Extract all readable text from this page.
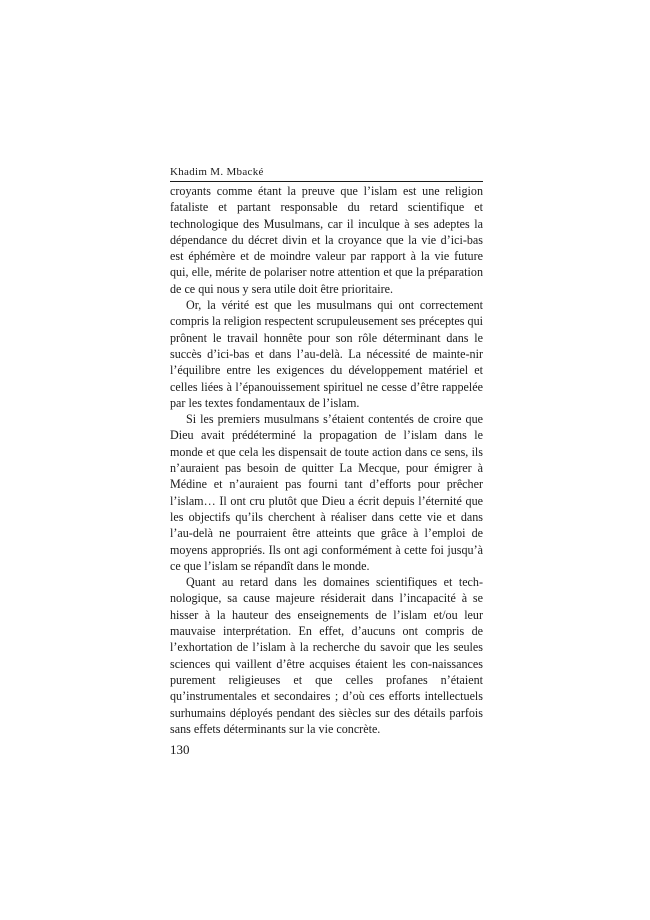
Khadim M. Mbacké

croyants comme étant la preuve que l’islam est une religion fataliste et partant responsable du retard scientifique et technologique des Musulmans, car il inculque à ses adeptes la dépendance du décret divin et la croyance que la vie d’ici-bas est éphémère et de moindre valeur par rapport à la vie future qui, elle, mérite de polariser notre attention et que la préparation de ce qui nous y sera utile doit être prioritaire.

Or, la vérité est que les musulmans qui ont correctement compris la religion respectent scrupuleusement ses préceptes qui prônent le travail honnête pour son rôle déterminant dans le succès d’ici-bas et dans l’au-delà. La nécessité de mainte-nir l’équilibre entre les exigences du développement matériel et celles liées à l’épanouissement spirituel ne cesse d’être rappelée par les textes fondamentaux de l’islam.

Si les premiers musulmans s’étaient contentés de croire que Dieu avait prédéterminé la propagation de l’islam dans le monde et que cela les dispensait de toute action dans ce sens, ils n’auraient pas besoin de quitter La Mecque, pour émigrer à Médine et n’auraient pas fourni tant d’efforts pour prêcher l’islam… Il ont cru plutôt que Dieu a écrit depuis l’éternité que les objectifs qu’ils cherchent à réaliser dans cette vie et dans l’au-delà ne pourraient être atteints que grâce à l’emploi de moyens appropriés. Ils ont agi conformément à cette foi jusqu’à ce que l’islam se répandît dans le monde.

Quant au retard dans les domaines scientifiques et tech-nologique, sa cause majeure résiderait dans l’incapacité à se hisser à la hauteur des enseignements de l’islam et/ou leur mauvaise interprétation. En effet, d’aucuns ont compris de l’exhortation de l’islam à la recherche du savoir que les seules sciences qui vaillent d’être acquises étaient les con-naissances purement religieuses et que celles profanes n’étaient qu’instrumentales et secondaires ; d’où ces efforts intellectuels surhumains déployés pendant des siècles sur des détails parfois sans effets déterminants sur la vie concrète.

130
